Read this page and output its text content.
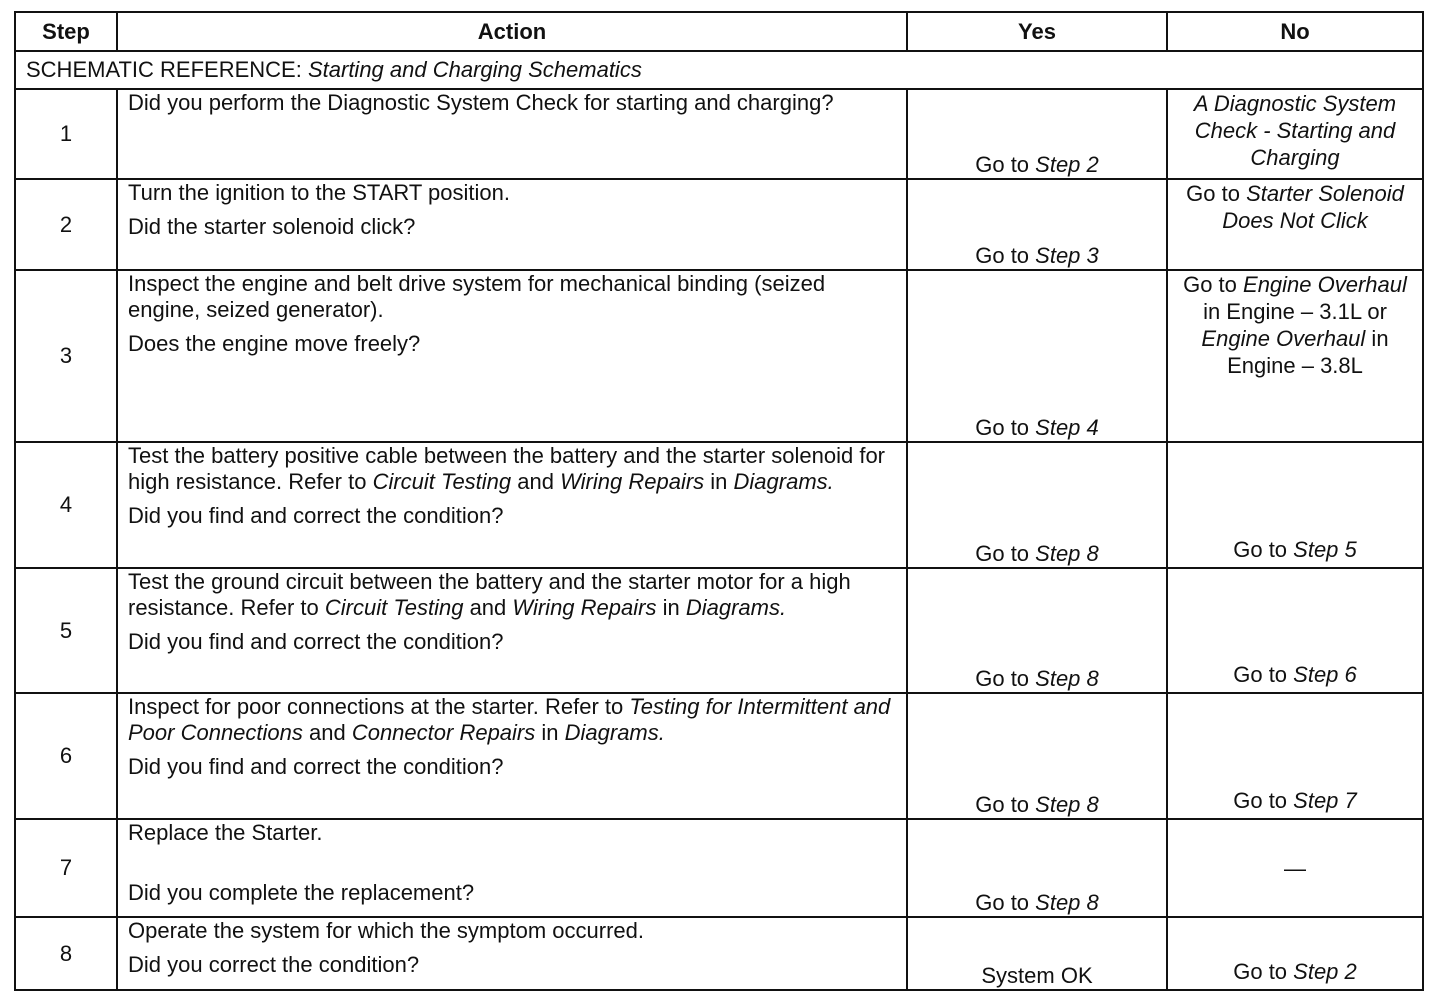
Step	Action	Yes	No
SCHEMATIC REFERENCE: Starting and Charging Schematics			
1	Did you perform the Diagnostic System Check for starting and charging?	Go to Step 2	A Diagnostic System Check - Starting and Charging
2	Turn the ignition to the START position.

Did the starter solenoid click?	Go to Step 3	Go to Starter Solenoid Does Not Click
3	Inspect the engine and belt drive system for mechanical binding (seized engine, seized generator).

Does the engine move freely?	Go to Step 4	Go to Engine Overhaul in Engine – 3.1L or Engine Overhaul in Engine – 3.8L
4	Test the battery positive cable between the battery and the starter solenoid for high resistance. Refer to Circuit Testing and Wiring Repairs in Diagrams.

Did you find and correct the condition?	Go to Step 8	Go to Step 5
5	Test the ground circuit between the battery and the starter motor for a high resistance. Refer to Circuit Testing and Wiring Repairs in Diagrams.

Did you find and correct the condition?	Go to Step 8	Go to Step 6
6	Inspect for poor connections at the starter. Refer to Testing for Intermittent and Poor Connections and Connector Repairs in Diagrams.

Did you find and correct the condition?	Go to Step 8	Go to Step 7
7	Replace the Starter.

Did you complete the replacement?	Go to Step 8	—
8	Operate the system for which the symptom occurred.

Did you correct the condition?	System OK	Go to Step 2
